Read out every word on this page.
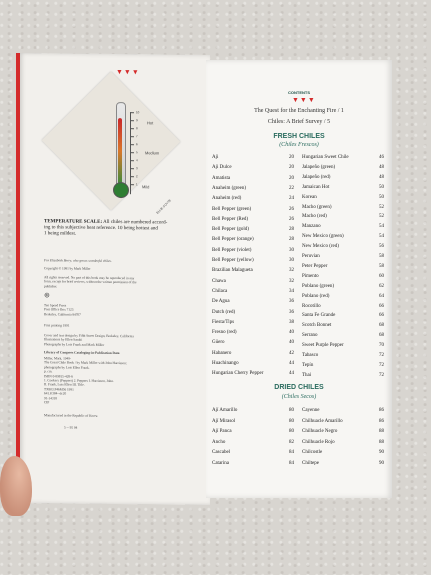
▼▼▼
10
9
8
7
6
5
4
3
2
1
Hot
Medium
Mild
ELLIE COYTE
TEMPERATURE SCALE: All chiles are numbered accord-
ing to this subjective heat reference. 10 being hottest and
1 being mildest.
For Elizabeth Berry, who grows wonderful chiles.
Copyright © 1991 by Mark Miller
All rights reserved. No part of this book may be reproduced in any
form, except for brief reviews, without the written permission of the
publisher.
⊛
Ten Speed Press
Post Office Box 7123
Berkeley, California 94707
First printing 1991
Cover and text design by Fifth Street Design, Berkeley, California
Illustrations by Ellen Sasaki
Photographs by Lois Frank and Mark Miller
Library of Congress Cataloging-in-Publication Data
Miller, Mark, 1949-
The Great Chile Book / by Mark Miller with John Harrisson;
photographs by Lois Ellen Frank.
p. cm.
ISBN 0-89815-428-6
1. Cookery (Peppers) 2. Peppers I. Harrisson, John.
II. Frank, Lois Ellen III. Title.
TX803.P46M56 1991
641.6'384--dc20
91-14318
CIP
Manufactured in the Republic of Korea
5 -- 95 94
CONTENTS
▼▼▼
The Quest for the Enchanting Fire / 1
Chiles: A Brief Survey / 5
FRESH CHILES
(Chiles Frescos)
Aji	20
Aji Dulce	20
Amatista	20
Anaheim (green)	22
Anaheim (red)	24
Bell Pepper (green)	26
Bell Pepper (Red)	26
Bell Pepper (gold)	28
Bell Pepper (orange)	28
Bell Pepper (violet)	30
Bell Pepper (yellow)	30
Brazilian Malagueta	32
Chawa	32
Chilaca	34
De Agua	36
Dutch (red)	36
Fiesta/Tips	38
Fresno (red)	40
Güero	40
Habanero	42
Huachinango	44
Hungarian Cherry Pepper	44
Hungarian Sweet Chile	46
Jalapeño (green)	48
Jalapeño (red)	48
Jamaican Hot	50
Korean	50
Macho (green)	52
Macho (red)	52
Manzano	54
New Mexico (green)	54
New Mexico (red)	56
Peruvian	58
Peter Pepper	58
Pimento	60
Poblano (green)	62
Poblano (red)	64
Rocotillo	66
Santa Fe Grande	66
Scotch Bonnet	68
Serrano	68
Sweet Purple Pepper	70
Tabasco	72
Tepín	72
Thai	72
DRIED CHILES
(Chiles Secos)
Ají Amarillo	80
Ají Mirasol	80
Ají Panca	80
Ancho	82
Cascabel	84
Catarina	84
Cayenne	86
Chilhuacle Amarillo	86
Chilhuacle Negro	88
Chilhuacle Rojo	88
Chilcostle	90
Chiltepe	90
